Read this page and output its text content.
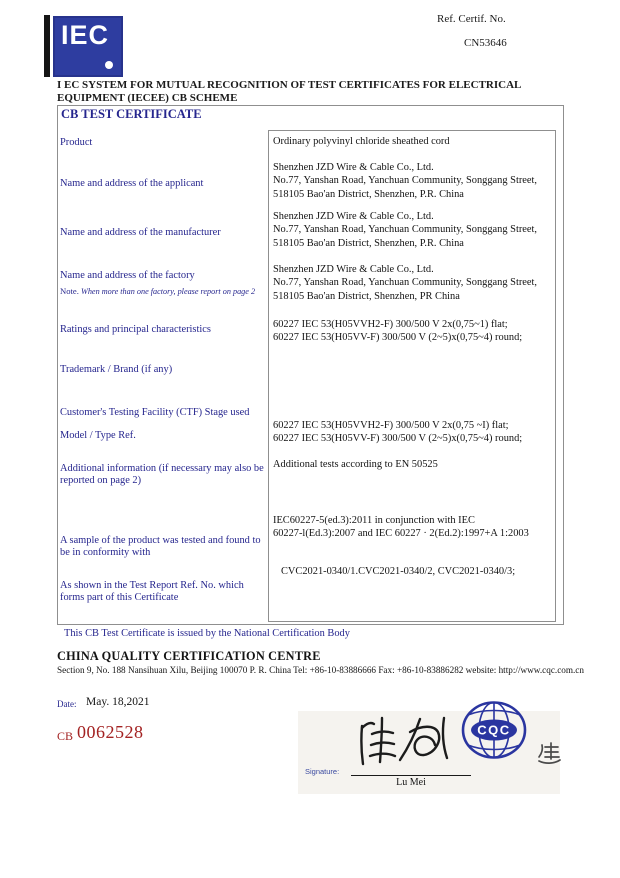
IEC
Ref. Certif. No.
CN53646
I EC SYSTEM FOR MUTUAL RECOGNITION OF TEST CERTIFICATES FOR ELECTRICAL EQUIPMENT (IECEE) CB SCHEME
CB TEST CERTIFICATE
Product	Ordinary polyvinyl chloride sheathed cord
Name and address of the applicant
Shenzhen JZD Wire & Cable Co., Ltd.
No.77, Yanshan Road, Yanchuan Community, Songgang Street,
518105 Bao'an District, Shenzhen, P.R. China
Name and address of the manufacturer
Shenzhen JZD Wire & Cable Co., Ltd.
No.77, Yanshan Road, Yanchuan Community, Songgang Street,
518105 Bao'an District, Shenzhen, P.R. China
Name and address of the factory
Note. When more than one factory, please report on page 2
Shenzhen JZD Wire & Cable Co., Ltd.
No.77, Yanshan Road, Yanchuan Community, Songgang Street,
518105 Bao'an District, Shenzhen, PR China
Ratings and principal characteristics	60227 IEC 53(H05VVH2-F) 300/500 V 2x(0,75~1) flat;
60227 IEC 53(H05VV-F) 300/500 V (2~5)x(0,75~4) round;
Trademark / Brand (if any)
Customer's Testing Facility (CTF) Stage used
Model / Type Ref.
60227 IEC 53(H05VVH2-F) 300/500 V 2x(0,75 ~I) flat;
60227 IEC 53(H05VV-F) 300/500 V (2~5)x(0,75~4) round;
Additional information (if necessary may also be reported on page 2)
Additional tests according to EN 50525
A sample of the product was tested and found to be in conformity with
IEC60227-5(ed.3):2011 in conjunction with IEC
60227-l(Ed.3):2007 and IEC 60227 · 2(Ed.2):1997+A 1:2003
As shown in the Test Report Ref. No. which forms part of this Certificate
CVC2021-0340/1.CVC2021-0340/2, CVC2021-0340/3;
This CB Test Certificate is issued by the National Certification Body
CHINA QUALITY CERTIFICATION CENTRE
Section 9, No. 188 Nansihuan Xilu, Beijing 100070 P. R. China Tel: +86-10-83886666 Fax: +86-10-83886282 website: http://www.cqc.com.cn
Date: May. 18,2021
CB 0062528
Signature:
Lu Mei
CQC
